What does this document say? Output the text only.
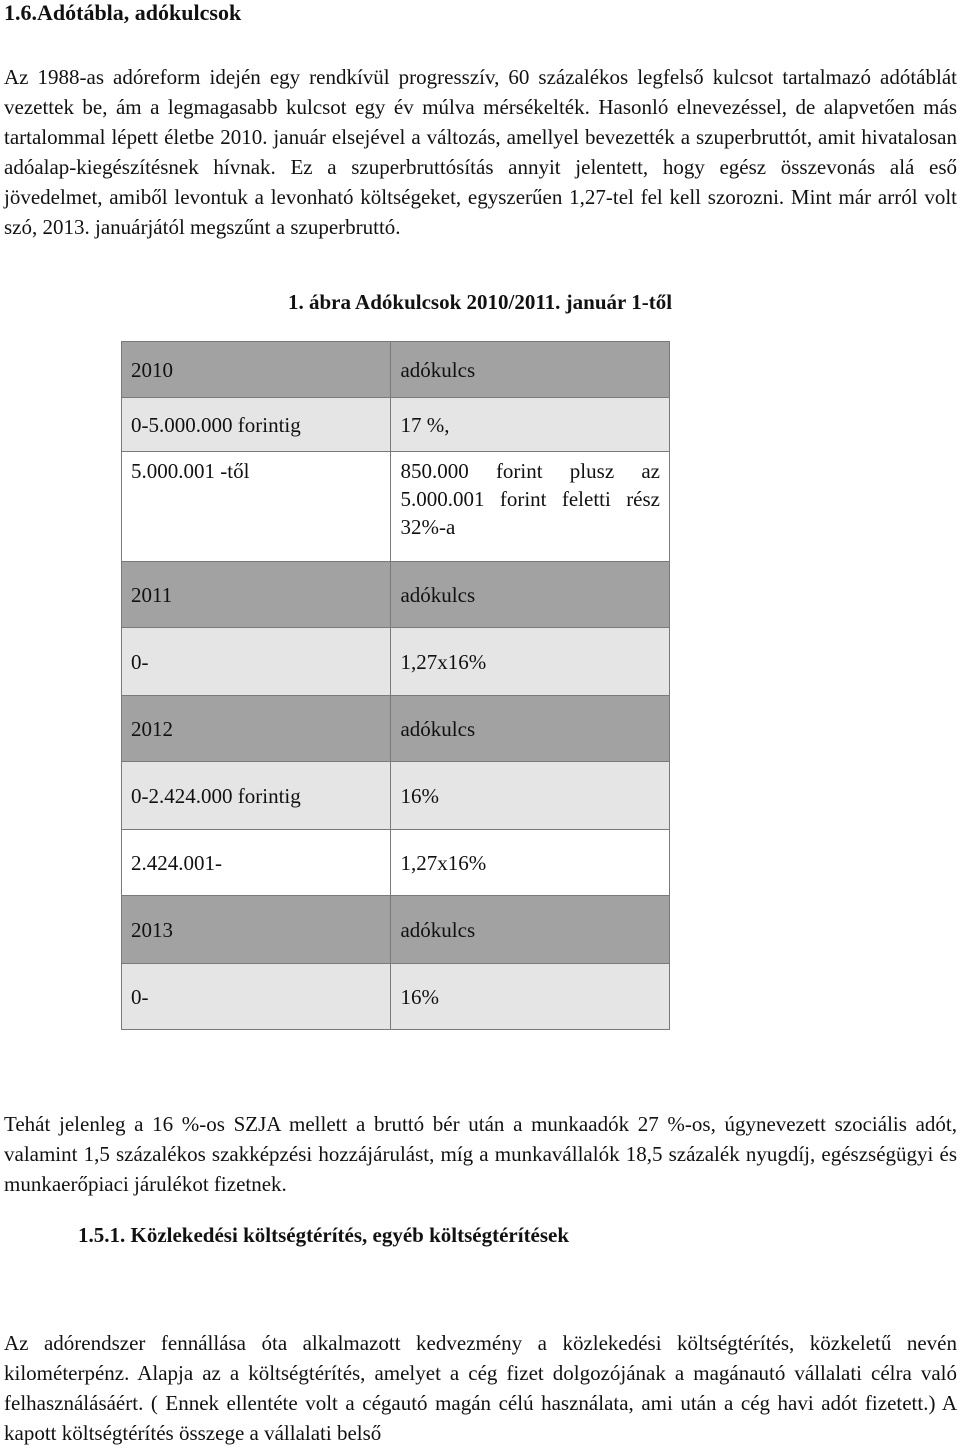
1.6.Adótábla, adókulcsok

Az 1988-as adóreform idején egy rendkívül progresszív, 60 százalékos legfelső kulcsot tartalmazó adótáblát vezettek be, ám a legmagasabb kulcsot egy év múlva mérsékelték. Hasonló elnevezéssel, de alapvetően más tartalommal lépett életbe 2010. január elsejével a változás, amellyel bevezették a szuperbruttót, amit hivatalosan adóalap-kiegészítésnek hívnak. Ez a szuperbruttósítás annyit jelentett, hogy egész összevonás alá eső jövedelmet, amiből levontuk a levonható költségeket, egyszerűen 1,27-tel fel kell szorozni. Mint már arról volt szó, 2013. januárjától megszűnt a szuperbruttó.

1. ábra Adókulcsok 2010/2011. január 1-től

2010	adókulcs
0-5.000.000 forintig	17 %,
5.000.001 -től	850.000 forint plusz az 5.000.001 forint feletti rész 32%-a
2011	adókulcs
0-	1,27x16%
2012	adókulcs
0-2.424.000 forintig	16%
2.424.001-	1,27x16%
2013	adókulcs
0-	16%

Tehát jelenleg a 16 %-os SZJA mellett a bruttó bér után a munkaadók 27 %-os, úgynevezett szociális adót, valamint 1,5 százalékos szakképzési hozzájárulást, míg a munkavállalók 18,5 százalék nyugdíj, egészségügyi és munkaerőpiaci járulékot fizetnek.

1.5.1. Közlekedési költségtérítés, egyéb költségtérítések

Az adórendszer fennállása óta alkalmazott kedvezmény a közlekedési költségtérítés, közkeletű nevén kilométerpénz. Alapja az a költségtérítés, amelyet a cég fizet dolgozójának a magánautó vállalati célra való felhasználásáért. ( Ennek ellentéte volt a cégautó magán célú használata, ami után a cég havi adót fizetett.) A kapott költségtérítés összege a vállalati belső
